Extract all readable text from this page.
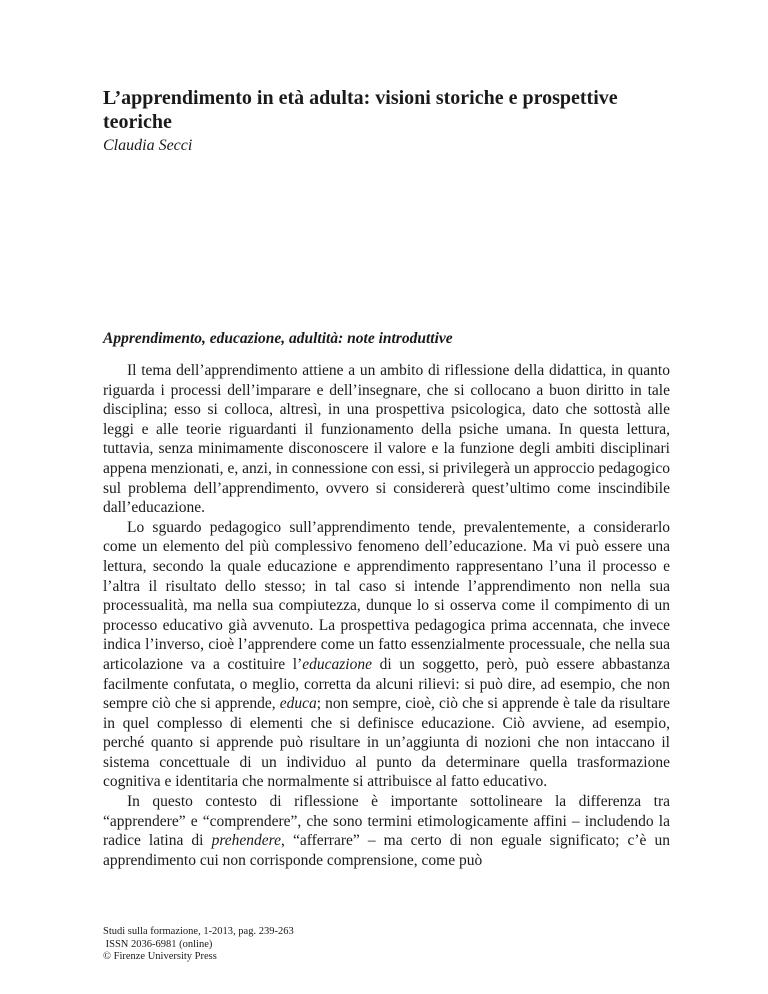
L’apprendimento in età adulta: visioni storiche e prospettive teoriche
Claudia Secci
Apprendimento, educazione, adultità: note introduttive

Il tema dell’apprendimento attiene a un ambito di riflessione della didattica, in quanto riguarda i processi dell’imparare e dell’insegnare, che si collocano a buon diritto in tale disciplina; esso si colloca, altresì, in una prospettiva psicologica, dato che sottostà alle leggi e alle teorie riguardanti il funzionamento della psiche umana. In questa lettura, tuttavia, senza minimamente disconoscere il valore e la funzione degli ambiti disciplinari appena menzionati, e, anzi, in connessione con essi, si privilegerà un approccio pedagogico sul problema dell’apprendimento, ovvero si considererà quest’ultimo come inscindibile dall’educazione.

Lo sguardo pedagogico sull’apprendimento tende, prevalentemente, a considerarlo come un elemento del più complessivo fenomeno dell’educazione. Ma vi può essere una lettura, secondo la quale educazione e apprendimento rappresentano l’una il processo e l’altra il risultato dello stesso; in tal caso si intende l’apprendimento non nella sua processualità, ma nella sua compiutezza, dunque lo si osserva come il compimento di un processo educativo già avvenuto. La prospettiva pedagogica prima accennata, che invece indica l’inverso, cioè l’apprendere come un fatto essenzialmente processuale, che nella sua articolazione va a costituire l’educazione di un soggetto, però, può essere abbastanza facilmente confutata, o meglio, corretta da alcuni rilievi: si può dire, ad esempio, che non sempre ciò che si apprende, educa; non sempre, cioè, ciò che si apprende è tale da risultare in quel complesso di elementi che si definisce educazione. Ciò avviene, ad esempio, perché quanto si apprende può risultare in un’aggiunta di nozioni che non intaccano il sistema concettuale di un individuo al punto da determinare quella trasformazione cognitiva e identitaria che normalmente si attribuisce al fatto educativo.

In questo contesto di riflessione è importante sottolineare la differenza tra “apprendere” e “comprendere”, che sono termini etimologicamente affini – includendo la radice latina di prehendere, “afferrare” – ma certo di non eguale significato; c’è un apprendimento cui non corrisponde comprensione, come può

Studi sulla formazione, 1-2013, pag. 239-263
ISSN 2036-6981 (online)
© Firenze University Press
